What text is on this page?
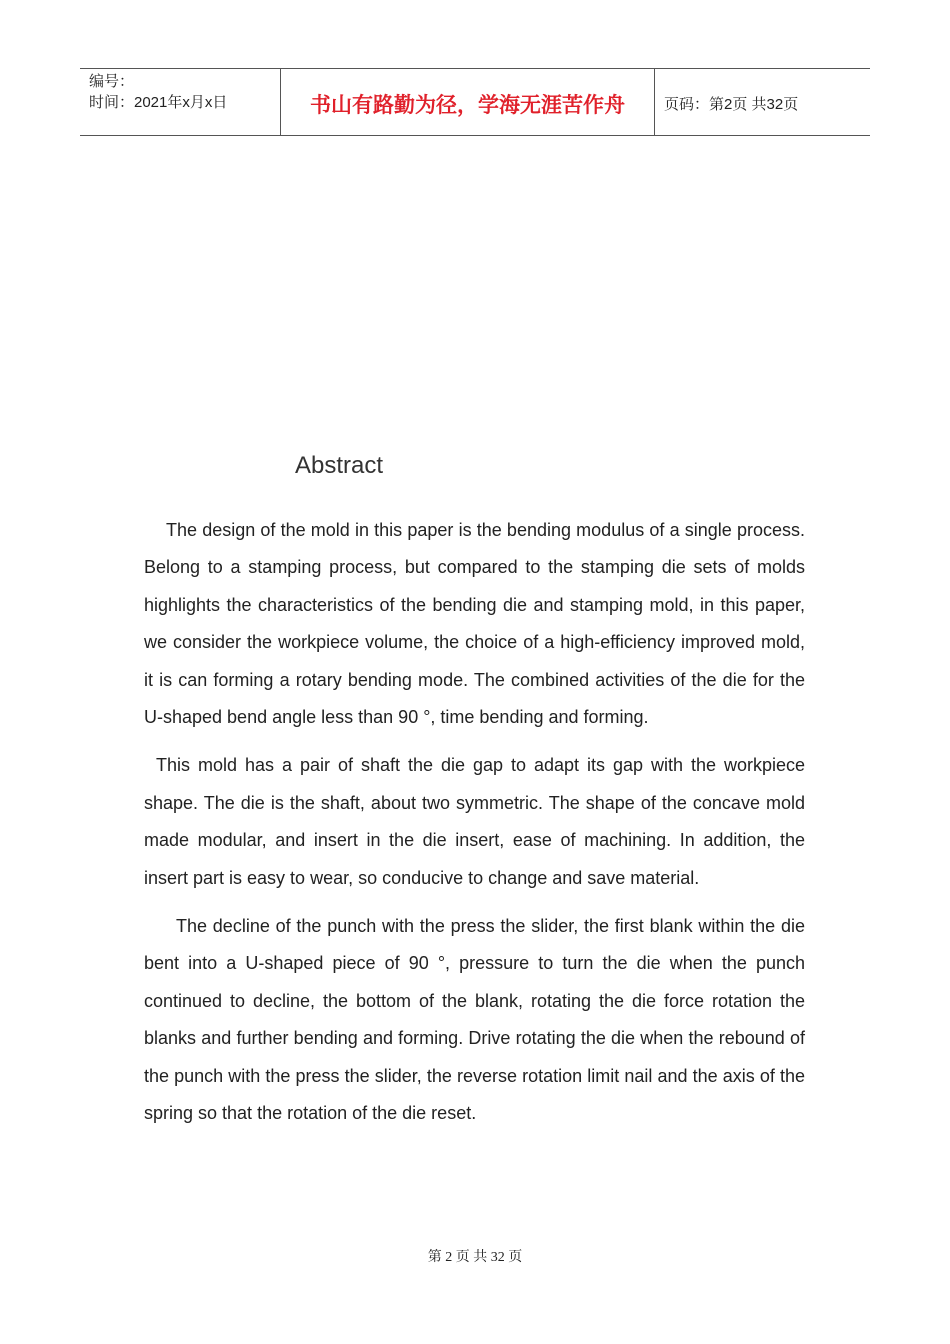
编号：
时间：2021年x月x日	书山有路勤为径，学海无涯苦作舟	页码：第2页 共32页
Abstract

The design of the mold in this paper is the bending modulus of a single process. Belong to a stamping process, but compared to the stamping die sets of molds highlights the characteristics of the bending die and stamping mold, in this paper, we consider the workpiece volume, the choice of a high-efficiency improved mold, it is can forming a rotary bending mode. The combined activities of the die for the U-shaped bend angle less than 90 °, time bending and forming.

This mold has a pair of shaft the die gap to adapt its gap with the workpiece shape. The die is the shaft, about two symmetric. The shape of the concave mold made modular, and insert in the die insert, ease of machining. In addition, the insert part is easy to wear, so conducive to change and save material.

The decline of the punch with the press the slider, the first blank within the die bent into a U-shaped piece of 90 °, pressure to turn the die when the punch continued to decline, the bottom of the blank, rotating the die force rotation the blanks and further bending and forming. Drive rotating the die when the rebound of the punch with the press the slider, the reverse rotation limit nail and the axis of the spring so that the rotation of the die reset.

第 2 页 共 32 页
